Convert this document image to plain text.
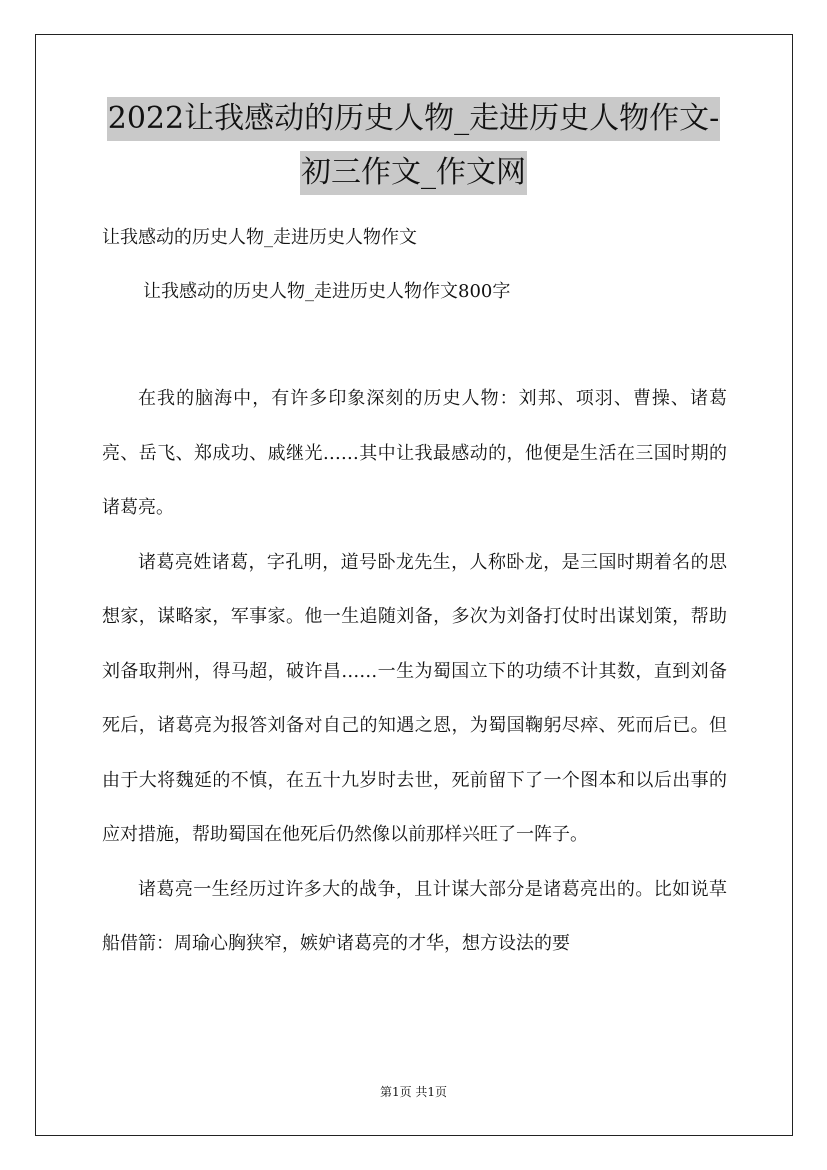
2022让我感动的历史人物_走进历史人物作文-
初三作文_作文网
让我感动的历史人物_走进历史人物作文
让我感动的历史人物_走进历史人物作文800字

在我的脑海中，有许多印象深刻的历史人物：刘邦、项羽、曹操、诸葛亮、岳飞、郑成功、戚继光……其中让我最感动的，他便是生活在三国时期的诸葛亮。

诸葛亮姓诸葛，字孔明，道号卧龙先生，人称卧龙，是三国时期着名的思想家，谋略家，军事家。他一生追随刘备，多次为刘备打仗时出谋划策，帮助刘备取荆州，得马超，破许昌……一生为蜀国立下的功绩不计其数，直到刘备死后，诸葛亮为报答刘备对自己的知遇之恩，为蜀国鞠躬尽瘁、死而后已。但由于大将魏延的不慎，在五十九岁时去世，死前留下了一个图本和以后出事的应对措施，帮助蜀国在他死后仍然像以前那样兴旺了一阵子。

诸葛亮一生经历过许多大的战争，且计谋大部分是诸葛亮出的。比如说草船借箭：周瑜心胸狭窄，嫉妒诸葛亮的才华，想方设法的要

第1页 共1页
